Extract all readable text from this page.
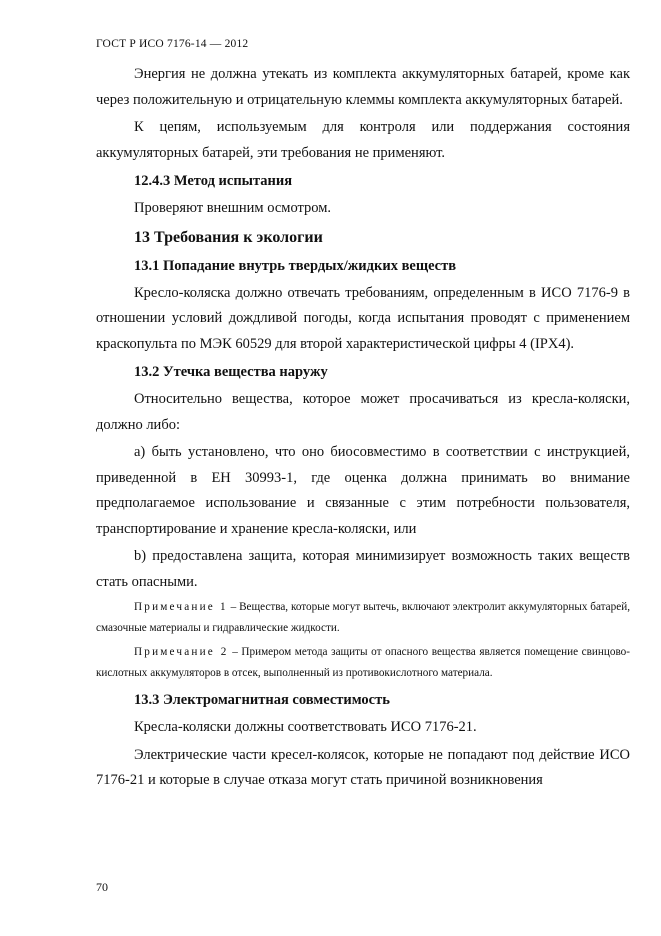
ГОСТ Р ИСО 7176-14 — 2012

Энергия не должна утекать из комплекта аккумуляторных батарей, кроме как через положительную и отрицательную клеммы комплекта аккумуляторных батарей.

К цепям, используемым для контроля или поддержания состояния аккумуляторных батарей, эти требования не применяют.

12.4.3 Метод испытания

Проверяют внешним осмотром.

13 Требования к экологии

13.1 Попадание внутрь твердых/жидких веществ

Кресло-коляска должно отвечать требованиям, определенным в ИСО 7176-9 в отношении условий дождливой погоды, когда испытания проводят с применением краскопульта по МЭК 60529 для второй характеристической цифры 4 (IPX4).

13.2 Утечка вещества наружу

Относительно вещества, которое может просачиваться из кресла-коляски, должно либо:

а) быть установлено, что оно биосовместимо в соответствии с инструкцией, приведенной в ЕН 30993-1, где оценка должна принимать во внимание предполагаемое использование и связанные с этим потребности пользователя, транспортирование и хранение кресла-коляски, или

b) предоставлена защита, которая минимизирует возможность таких веществ стать опасными.

Примечание 1 – Вещества, которые могут вытечь, включают электролит аккумуляторных батарей, смазочные материалы и гидравлические жидкости.

Примечание 2 – Примером метода защиты от опасного вещества является помещение свинцово-кислотных аккумуляторов в отсек, выполненный из противокислотного материала.

13.3 Электромагнитная совместимость

Кресла-коляски должны соответствовать ИСО 7176-21.

Электрические части кресел-колясок, которые не попадают под действие ИСО 7176-21 и которые в случае отказа могут стать причиной возникновения

70
